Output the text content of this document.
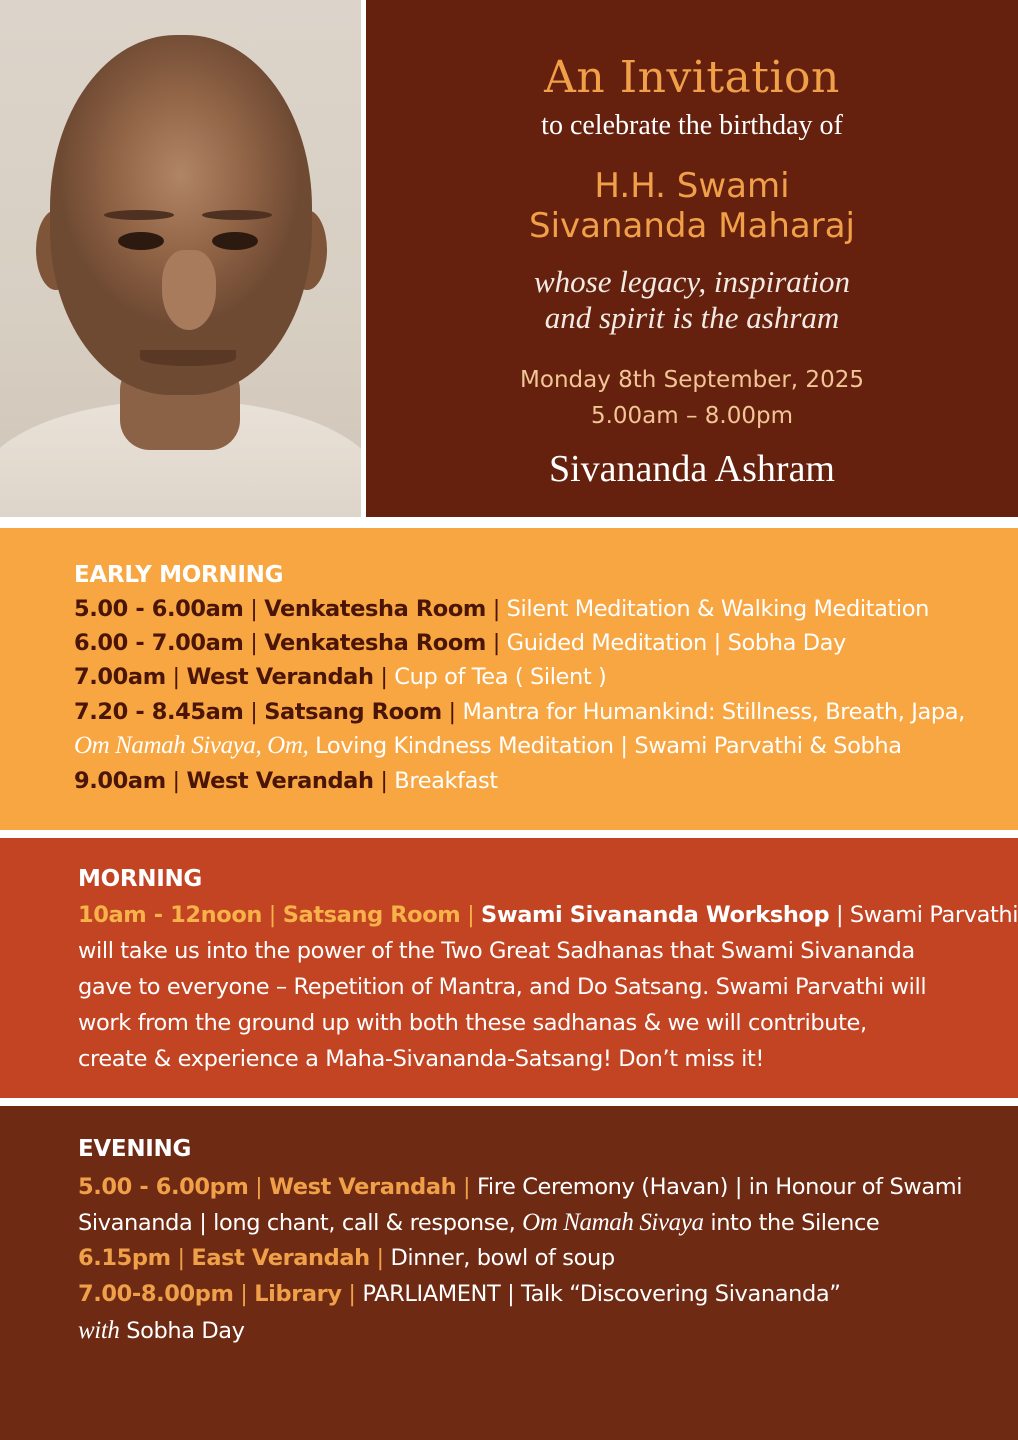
An Invitation
to celebrate the birthday of
H.H. Swami
Sivananda Maharaj
whose legacy, inspiration
and spirit is the ashram
Monday 8th September, 2025
5.00am – 8.00pm
Sivananda Ashram
EARLY MORNING
5.00 - 6.00am | Venkatesha Room | Silent Meditation & Walking Meditation
6.00 - 7.00am | Venkatesha Room | Guided Meditation | Sobha Day
7.00am | West Verandah | Cup of Tea ( Silent )
7.20 - 8.45am | Satsang Room | Mantra for Humankind: Stillness, Breath, Japa,
Om Namah Sivaya, Om, Loving Kindness Meditation | Swami Parvathi & Sobha
9.00am | West Verandah | Breakfast
MORNING
10am - 12noon | Satsang Room | Swami Sivananda Workshop | Swami Parvathi
will take us into the power of the Two Great Sadhanas that Swami Sivananda
gave to everyone – Repetition of Mantra, and Do Satsang. Swami Parvathi will
work from the ground up with both these sadhanas & we will contribute,
create & experience a Maha-Sivananda-Satsang! Don’t miss it!
EVENING
5.00 - 6.00pm | West Verandah | Fire Ceremony (Havan) | in Honour of Swami
Sivananda | long chant, call & response, Om Namah Sivaya into the Silence
6.15pm | East Verandah | Dinner, bowl of soup
7.00-8.00pm | Library | PARLIAMENT | Talk “Discovering Sivananda”
with Sobha Day
